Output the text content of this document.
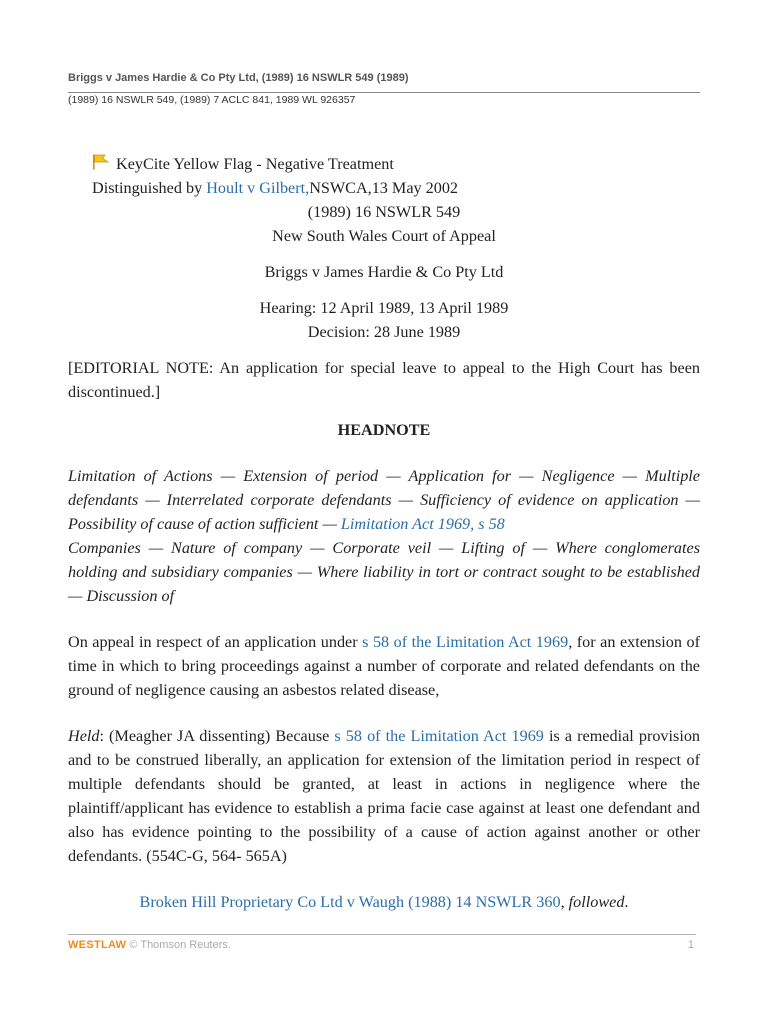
Briggs v James Hardie & Co Pty Ltd, (1989) 16 NSWLR 549 (1989)
(1989) 16 NSWLR 549, (1989) 7 ACLC 841, 1989 WL 926357

KeyCite Yellow Flag - Negative Treatment

Distinguished by Hoult v Gilbert,NSWCA,13 May 2002

(1989) 16 NSWLR 549

New South Wales Court of Appeal

Briggs v James Hardie & Co Pty Ltd

Hearing: 12 April 1989, 13 April 1989

Decision: 28 June 1989

[EDITORIAL NOTE: An application for special leave to appeal to the High Court has been discontinued.]

HEADNOTE

Limitation of Actions — Extension of period — Application for — Negligence — Multiple defendants — Interrelated corporate defendants — Sufficiency of evidence on application — Possibility of cause of action sufficient — Limitation Act 1969, s 58
Companies — Nature of company — Corporate veil — Lifting of — Where conglomerates holding and subsidiary companies — Where liability in tort or contract sought to be established — Discussion of

On appeal in respect of an application under s 58 of the Limitation Act 1969, for an extension of time in which to bring proceedings against a number of corporate and related defendants on the ground of negligence causing an asbestos related disease,

Held: (Meagher JA dissenting) Because s 58 of the Limitation Act 1969 is a remedial provision and to be construed liberally, an application for extension of the limitation period in respect of multiple defendants should be granted, at least in actions in negligence where the plaintiff/applicant has evidence to establish a prima facie case against at least one defendant and also has evidence pointing to the possibility of a cause of action against another or other defendants. (554C-G, 564- 565A)

Broken Hill Proprietary Co Ltd v Waugh (1988) 14 NSWLR 360, followed.

WESTLAW © Thomson Reuters.	1
